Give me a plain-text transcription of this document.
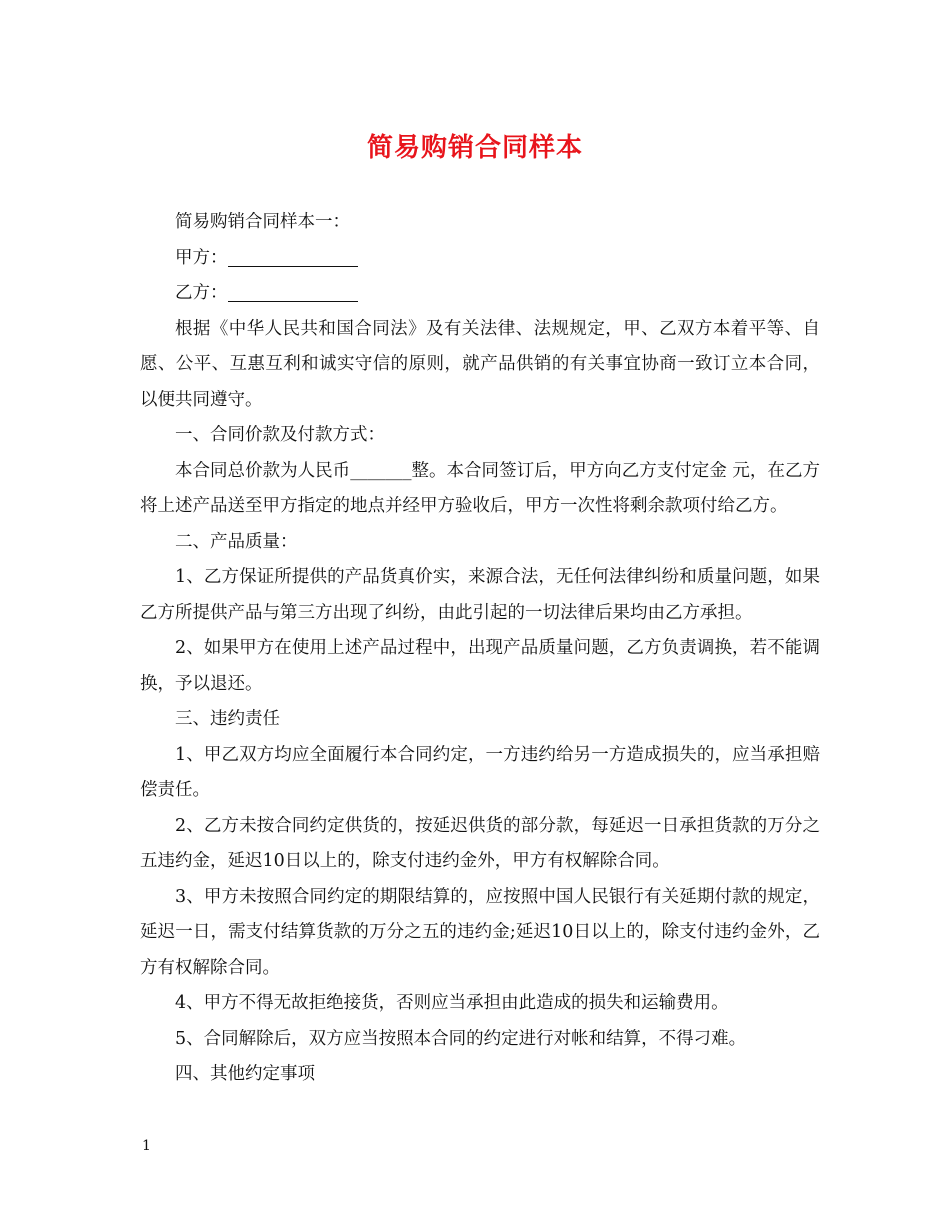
简易购销合同样本

简易购销合同样本一：

甲方：

乙方：

根据《中华人民共和国合同法》及有关法律、法规规定，甲、乙双方本着平等、自愿、公平、互惠互利和诚实守信的原则，就产品供销的有关事宜协商一致订立本合同，以便共同遵守。

一、合同价款及付款方式：

本合同总价款为人民币_______整。本合同签订后，甲方向乙方支付定金 元，在乙方将上述产品送至甲方指定的地点并经甲方验收后，甲方一次性将剩余款项付给乙方。

二、产品质量：

1、乙方保证所提供的产品货真价实，来源合法，无任何法律纠纷和质量问题，如果乙方所提供产品与第三方出现了纠纷，由此引起的一切法律后果均由乙方承担。

2、如果甲方在使用上述产品过程中，出现产品质量问题，乙方负责调换，若不能调换，予以退还。

三、违约责任

1、甲乙双方均应全面履行本合同约定，一方违约给另一方造成损失的，应当承担赔偿责任。

2、乙方未按合同约定供货的，按延迟供货的部分款，每延迟一日承担货款的万分之五违约金，延迟10日以上的，除支付违约金外，甲方有权解除合同。

3、甲方未按照合同约定的期限结算的，应按照中国人民银行有关延期付款的规定，延迟一日，需支付结算货款的万分之五的违约金;延迟10日以上的，除支付违约金外，乙方有权解除合同。

4、甲方不得无故拒绝接货，否则应当承担由此造成的损失和运输费用。

5、合同解除后，双方应当按照本合同的约定进行对帐和结算，不得刁难。

四、其他约定事项

1
